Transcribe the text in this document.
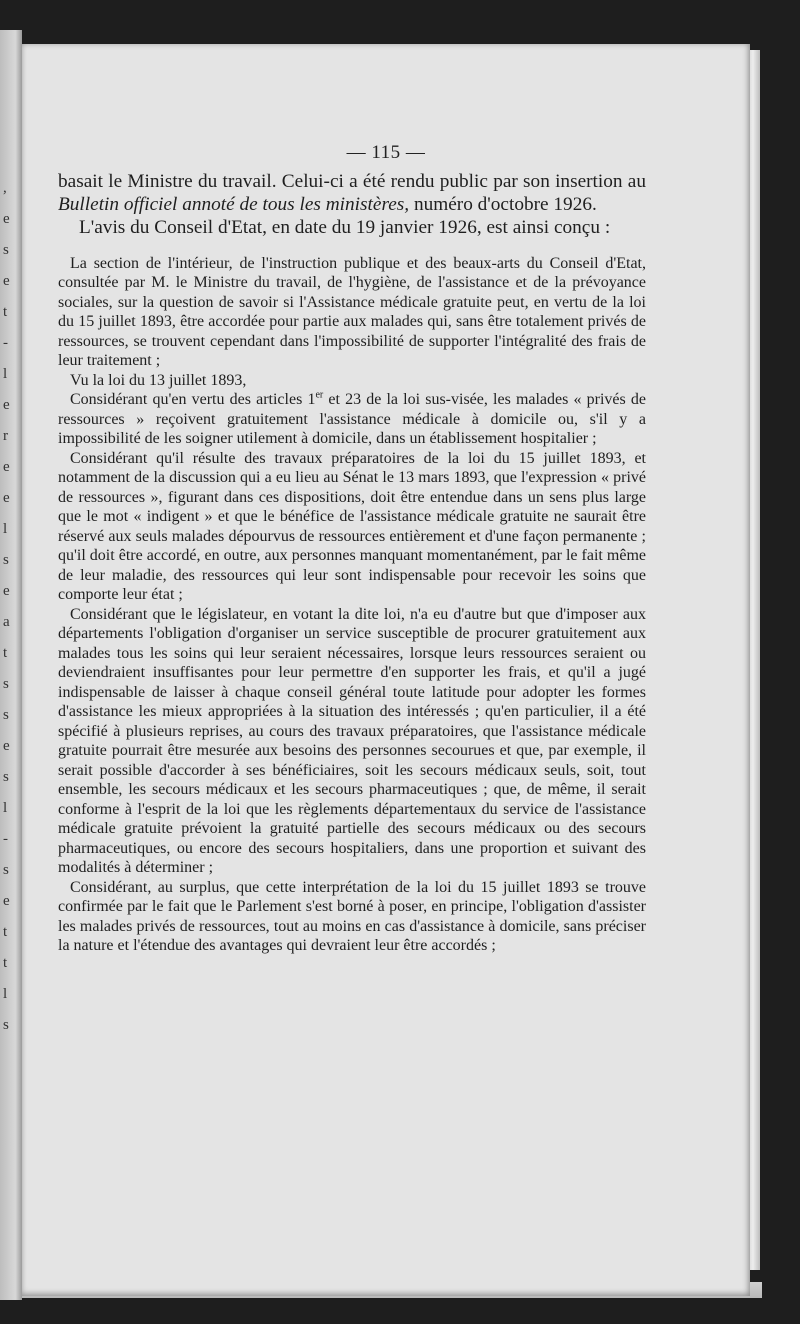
,
e
s
e
t
-
l
e
r
e
e
l
s
e
a
t
s
s
e
s
l
-
s
e
t
t
l
s
— 115 —

basait le Ministre du travail. Celui-ci a été rendu public par son insertion au Bulletin officiel annoté de tous les ministères, numéro d'octobre 1926.

L'avis du Conseil d'Etat, en date du 19 janvier 1926, est ainsi conçu :

La section de l'intérieur, de l'instruction publique et des beaux-arts du Conseil d'Etat, consultée par M. le Ministre du travail, de l'hygiène, de l'assistance et de la prévoyance sociales, sur la question de savoir si l'Assistance médicale gratuite peut, en vertu de la loi du 15 juillet 1893, être accordée pour partie aux malades qui, sans être totalement privés de ressources, se trouvent cependant dans l'impossibilité de supporter l'intégralité des frais de leur traitement ;

Vu la loi du 13 juillet 1893,

Considérant qu'en vertu des articles 1er et 23 de la loi sus-visée, les malades « privés de ressources » reçoivent gratuitement l'assistance médicale à domicile ou, s'il y a impossibilité de les soigner utilement à domicile, dans un établissement hospitalier ;

Considérant qu'il résulte des travaux préparatoires de la loi du 15 juillet 1893, et notamment de la discussion qui a eu lieu au Sénat le 13 mars 1893, que l'expression « privé de ressources », figurant dans ces dispositions, doit être entendue dans un sens plus large que le mot « indigent » et que le bénéfice de l'assistance médicale gratuite ne saurait être réservé aux seuls malades dépourvus de ressources entièrement et d'une façon permanente ; qu'il doit être accordé, en outre, aux personnes manquant momentanément, par le fait même de leur maladie, des ressources qui leur sont indispensable pour recevoir les soins que comporte leur état ;

Considérant que le législateur, en votant la dite loi, n'a eu d'autre but que d'imposer aux départements l'obligation d'organiser un service susceptible de procurer gratuitement aux malades tous les soins qui leur seraient nécessaires, lorsque leurs ressources seraient ou deviendraient insuffisantes pour leur permettre d'en supporter les frais, et qu'il a jugé indispensable de laisser à chaque conseil général toute latitude pour adopter les formes d'assistance les mieux appropriées à la situation des intéressés ; qu'en particulier, il a été spécifié à plusieurs reprises, au cours des travaux préparatoires, que l'assistance médicale gratuite pourrait être mesurée aux besoins des personnes secourues et que, par exemple, il serait possible d'accorder à ses bénéficiaires, soit les secours médicaux seuls, soit, tout ensemble, les secours médicaux et les secours pharmaceutiques ; que, de même, il serait conforme à l'esprit de la loi que les règlements départementaux du service de l'assistance médicale gratuite prévoient la gratuité partielle des secours médicaux ou des secours pharmaceutiques, ou encore des secours hospitaliers, dans une proportion et suivant des modalités à déterminer ;

Considérant, au surplus, que cette interprétation de la loi du 15 juillet 1893 se trouve confirmée par le fait que le Parlement s'est borné à poser, en principe, l'obligation d'assister les malades privés de ressources, tout au moins en cas d'assistance à domicile, sans préciser la nature et l'étendue des avantages qui devraient leur être accordés ;
